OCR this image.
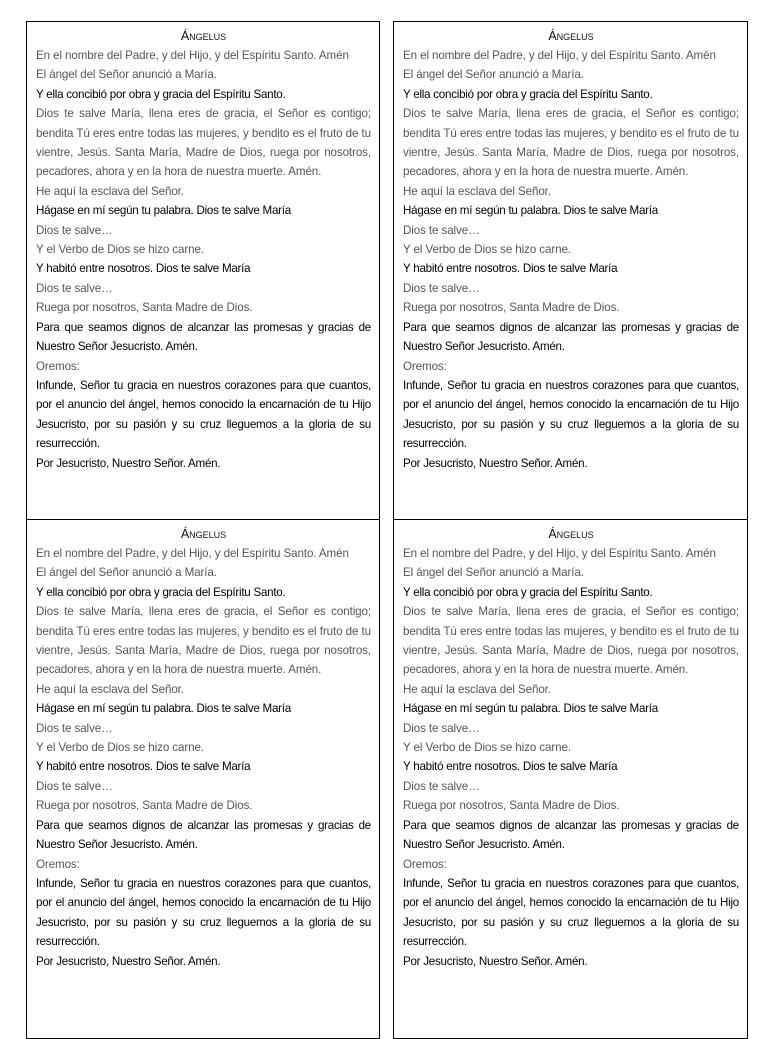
Ángelus

En el nombre del Padre, y del Hijo, y del Espíritu Santo. Amén

El ángel del Señor anunció a María.

Y ella concibió por obra y gracia del Espíritu Santo.

Dios te salve María, llena eres de gracia, el Señor es contigo; bendita Tú eres entre todas las mujeres, y bendito es el fruto de tu vientre, Jesús. Santa María, Madre de Dios, ruega por nosotros, pecadores, ahora y en la hora de nuestra muerte. Amén.

He aquí la esclava del Señor.

Hágase en mí según tu palabra. Dios te salve María

Dios te salve…

Y el Verbo de Dios se hizo carne.

Y habitó entre nosotros. Dios te salve María

Dios te salve…

Ruega por nosotros, Santa Madre de Dios.

Para que seamos dignos de alcanzar las promesas y gracias de Nuestro Señor Jesucristo. Amén.

Oremos:

Infunde, Señor tu gracia en nuestros corazones para que cuantos, por el anuncio del ángel, hemos conocido la encarnación de tu Hijo Jesucristo, por su pasión y su cruz lleguemos a la gloria de su resurrección.

Por Jesucristo, Nuestro Señor. Amén.

Ángelus

En el nombre del Padre, y del Hijo, y del Espíritu Santo. Amén

El ángel del Señor anunció a María.

Y ella concibió por obra y gracia del Espíritu Santo.

Dios te salve María, llena eres de gracia, el Señor es contigo; bendita Tú eres entre todas las mujeres, y bendito es el fruto de tu vientre, Jesús. Santa María, Madre de Dios, ruega por nosotros, pecadores, ahora y en la hora de nuestra muerte. Amén.

He aquí la esclava del Señor.

Hágase en mí según tu palabra. Dios te salve María

Dios te salve…

Y el Verbo de Dios se hizo carne.

Y habitó entre nosotros. Dios te salve María

Dios te salve…

Ruega por nosotros, Santa Madre de Dios.

Para que seamos dignos de alcanzar las promesas y gracias de Nuestro Señor Jesucristo. Amén.

Oremos:

Infunde, Señor tu gracia en nuestros corazones para que cuantos, por el anuncio del ángel, hemos conocido la encarnación de tu Hijo Jesucristo, por su pasión y su cruz lleguemos a la gloria de su resurrección.

Por Jesucristo, Nuestro Señor. Amén.

Ángelus

En el nombre del Padre, y del Hijo, y del Espíritu Santo. Amén

El ángel del Señor anunció a María.

Y ella concibió por obra y gracia del Espíritu Santo.

Dios te salve María, llena eres de gracia, el Señor es contigo; bendita Tú eres entre todas las mujeres, y bendito es el fruto de tu vientre, Jesús. Santa María, Madre de Dios, ruega por nosotros, pecadores, ahora y en la hora de nuestra muerte. Amén.

He aquí la esclava del Señor.

Hágase en mí según tu palabra. Dios te salve María

Dios te salve…

Y el Verbo de Dios se hizo carne.

Y habitó entre nosotros. Dios te salve María

Dios te salve…

Ruega por nosotros, Santa Madre de Dios.

Para que seamos dignos de alcanzar las promesas y gracias de Nuestro Señor Jesucristo. Amén.

Oremos:

Infunde, Señor tu gracia en nuestros corazones para que cuantos, por el anuncio del ángel, hemos conocido la encarnación de tu Hijo Jesucristo, por su pasión y su cruz lleguemos a la gloria de su resurrección.

Por Jesucristo, Nuestro Señor. Amén.

Ángelus

En el nombre del Padre, y del Hijo, y del Espíritu Santo. Amén

El ángel del Señor anunció a María.

Y ella concibió por obra y gracia del Espíritu Santo.

Dios te salve María, llena eres de gracia, el Señor es contigo; bendita Tú eres entre todas las mujeres, y bendito es el fruto de tu vientre, Jesús. Santa María, Madre de Dios, ruega por nosotros, pecadores, ahora y en la hora de nuestra muerte. Amén.

He aquí la esclava del Señor.

Hágase en mí según tu palabra. Dios te salve María

Dios te salve…

Y el Verbo de Dios se hizo carne.

Y habitó entre nosotros. Dios te salve María

Dios te salve…

Ruega por nosotros, Santa Madre de Dios.

Para que seamos dignos de alcanzar las promesas y gracias de Nuestro Señor Jesucristo. Amén.

Oremos:

Infunde, Señor tu gracia en nuestros corazones para que cuantos, por el anuncio del ángel, hemos conocido la encarnación de tu Hijo Jesucristo, por su pasión y su cruz lleguemos a la gloria de su resurrección.

Por Jesucristo, Nuestro Señor. Amén.
